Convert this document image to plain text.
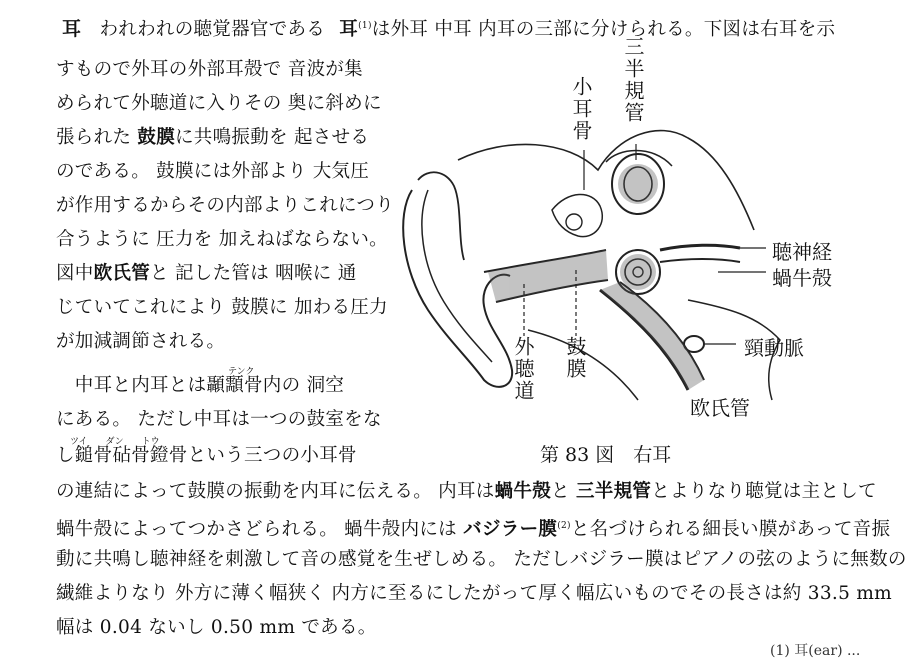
耳 われわれの聴覚器官である 耳$^{(1)}$は外耳 中耳 内耳の三部に分けられる。下図は右耳を示
すもので外耳の外部耳殻で 音波が集
められて外聴道に入りその 奥に斜めに
張られた 鼓膜に共鳴振動を 起させる
のである。 鼓膜には外部より 大気圧
が作用するからその内部よりこれにつり
合うように 圧力を 加えねばならない。
図中欧氏管と 記した管は 咽喉に 通
じていてこれにより 鼓膜に 加わる圧力
が加減調節される。
テンク
　中耳と内耳とは顳顬骨内の 洞空
にある。 ただし中耳は一つの鼓室をな
ツイ　　ダン　　トウ
し鎚骨砧骨鐙骨という三つの小耳骨
の連結によって鼓膜の振動を内耳に伝える。 内耳は蝸牛殻と 三半規管とよりなり聴覚は主として
蝸牛殻によってつかさどられる。 蝸牛殻内には バジラー膜$^{(2)}$と名づけられる細長い膜があって音振
動に共鳴し聴神経を刺激して音の感覚を生ぜしめる。 ただしバジラー膜はピアノの弦のように無数の
繊維よりなり 外方に薄く幅狭く 内方に至るにしたがって厚く幅広いものでその長さは約 33.5 mm
幅は 0.04 ないし 0.50 mm である。
(1) 耳(ear) ...
三半規管
小耳骨
聴神経
蝸牛殻
頸動脈
欧氏管
外聴道 鼓膜
第 83 図　右耳
